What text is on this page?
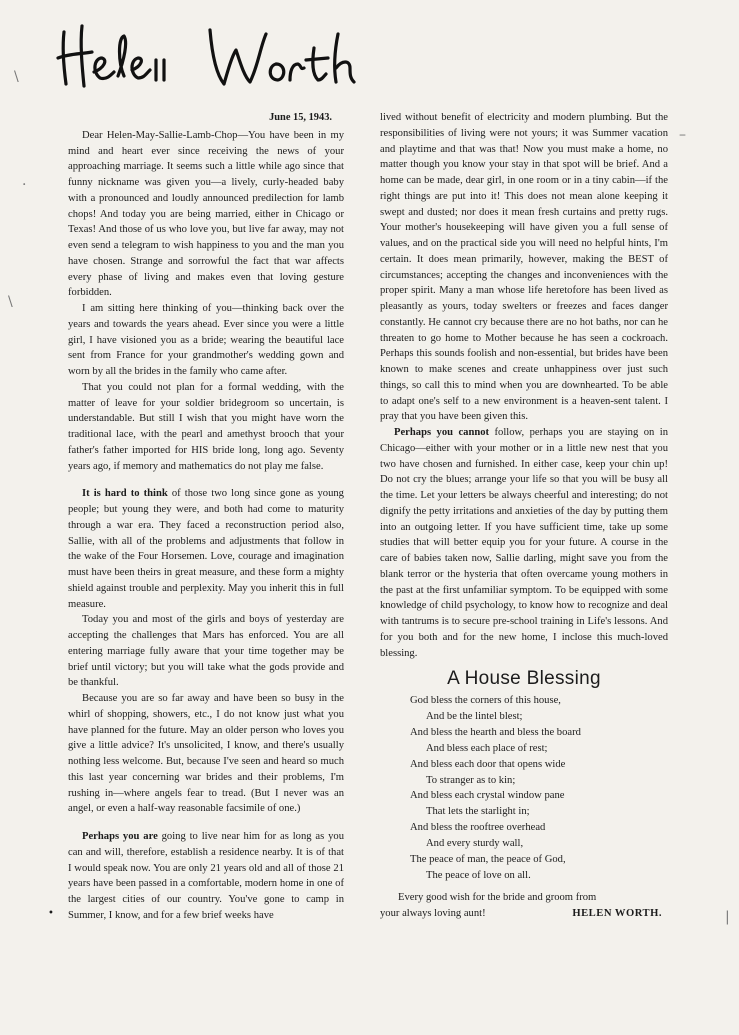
\
·
\
–
|
June 15, 1943.

Dear Helen-May-Sallie-Lamb-Chop—You have been in my mind and heart ever since receiving the news of your approaching marriage. It seems such a little while ago since that funny nickname was given you—a lively, curly-headed baby with a pronounced and loudly announced predilection for lamb chops! And today you are being married, either in Chicago or Texas! And those of us who love you, but live far away, may not even send a telegram to wish happiness to you and the man you have chosen. Strange and sorrowful the fact that war affects every phase of living and makes even that loving gesture forbidden.

I am sitting here thinking of you—thinking back over the years and towards the years ahead. Ever since you were a little girl, I have visioned you as a bride; wearing the beautiful lace sent from France for your grandmother's wedding gown and worn by all the brides in the family who came after.

That you could not plan for a formal wedding, with the matter of leave for your soldier bridegroom so uncertain, is understandable. But still I wish that you might have worn the traditional lace, with the pearl and amethyst brooch that your father's father imported for HIS bride long, long ago. Seventy years ago, if memory and mathematics do not play me false.

It is hard to think of those two long since gone as young people; but young they were, and both had come to maturity through a war era. They faced a reconstruction period also, Sallie, with all of the problems and adjustments that follow in the wake of the Four Horsemen. Love, courage and imagination must have been theirs in great measure, and these form a mighty shield against trouble and perplexity. May you inherit this in full measure.

Today you and most of the girls and boys of yesterday are accepting the challenges that Mars has enforced. You are all entering marriage fully aware that your time together may be brief until victory; but you will take what the gods provide and be thankful.

Because you are so far away and have been so busy in the whirl of shopping, showers, etc., I do not know just what you have planned for the future. May an older person who loves you give a little advice? It's unsolicited, I know, and there's usually nothing less welcome. But, because I've seen and heard so much this last year concerning war brides and their problems, I'm rushing in—where angels fear to tread. (But I never was an angel, or even a half-way reasonable facsimile of one.)

Perhaps you are going to live near him for as long as you can and will, therefore, establish a residence nearby. It is of that I would speak now. You are only 21 years old and all of those 21 years have been passed in a comfortable, modern home in one of the largest cities of our country. You've gone to camp in Summer, I know, and for a few brief weeks have

•

lived without benefit of electricity and modern plumbing. But the responsibilities of living were not yours; it was Summer vacation and playtime and that was that! Now you must make a home, no matter though you know your stay in that spot will be brief. And a home can be made, dear girl, in one room or in a tiny cabin—if the right things are put into it! This does not mean alone keeping it swept and dusted; nor does it mean fresh curtains and pretty rugs. Your mother's housekeeping will have given you a full sense of values, and on the practical side you will need no helpful hints, I'm certain. It does mean primarily, however, making the BEST of circumstances; accepting the changes and inconveniences with the proper spirit. Many a man whose life heretofore has been lived as pleasantly as yours, today swelters or freezes and faces danger constantly. He cannot cry because there are no hot baths, nor can he threaten to go home to Mother because he has seen a cockroach. Perhaps this sounds foolish and non-essential, but brides have been known to make scenes and create unhappiness over just such things, so call this to mind when you are downhearted. To be able to adapt one's self to a new environment is a heaven-sent talent. I pray that you have been given this.

Perhaps you cannot follow, perhaps you are staying on in Chicago—either with your mother or in a little new nest that you two have chosen and furnished. In either case, keep your chin up! Do not cry the blues; arrange your life so that you will be busy all the time. Let your letters be always cheerful and interesting; do not dignify the petty irritations and anxieties of the day by putting them into an outgoing letter. If you have sufficient time, take up some studies that will better equip you for your future. A course in the care of babies taken now, Sallie darling, might save you from the blank terror or the hysteria that often overcame young mothers in the past at the first unfamiliar symptom. To be equipped with some knowledge of child psychology, to know how to recognize and deal with tantrums is to secure pre-school training in Life's lessons. And for you both and for the new home, I inclose this much-loved blessing.

A House Blessing
God bless the corners of this house,
And be the lintel blest;
And bless the hearth and bless the board
And bless each place of rest;
And bless each door that opens wide
To stranger as to kin;
And bless each crystal window pane
That lets the starlight in;
And bless the rooftree overhead
And every sturdy wall,
The peace of man, the peace of God,
The peace of love on all.

Every good wish for the bride and groom from

your always loving aunt!	HELEN WORTH.
